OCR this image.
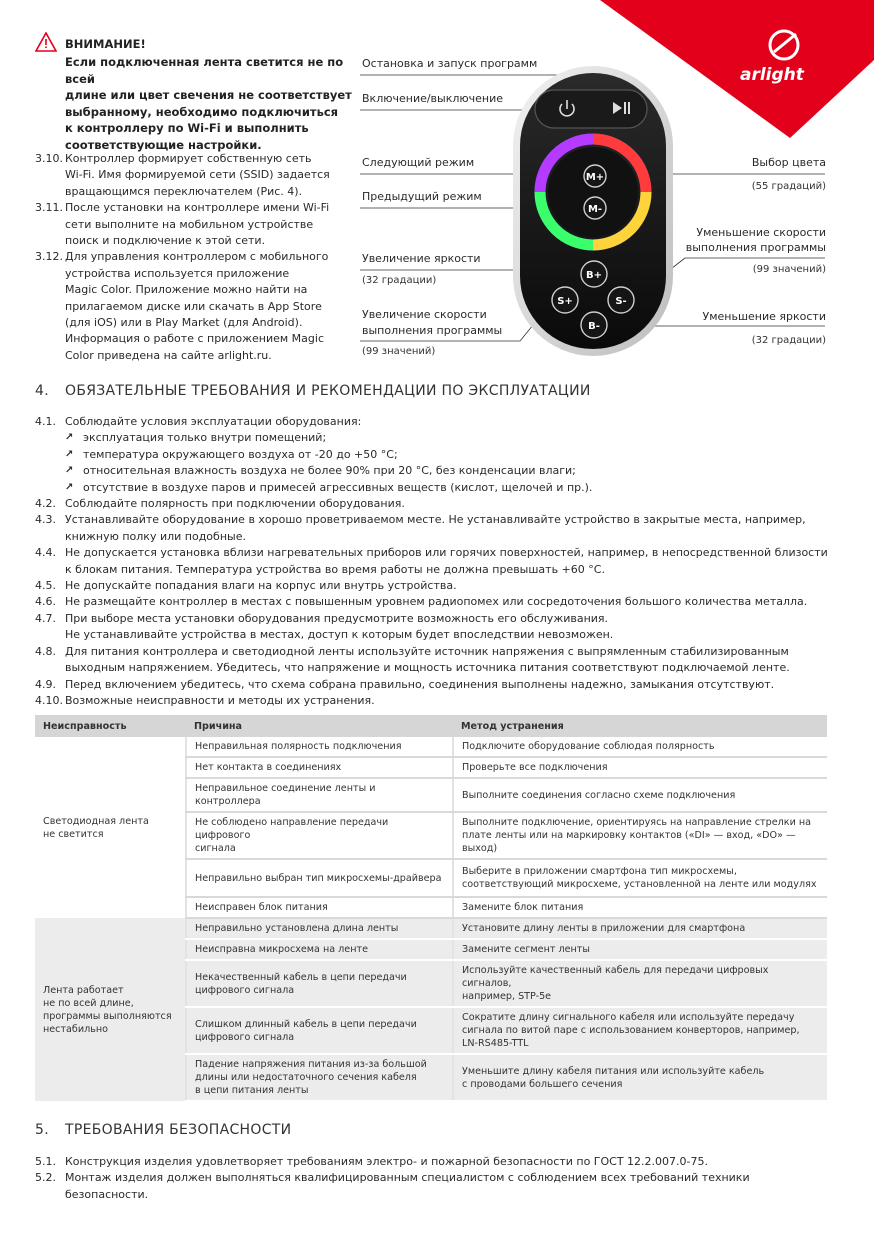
arlight
ВНИМАНИЕ!
Если подключенная лента светится не по всей
длине или цвет свечения не соответствует
выбранному, необходимо подключиться
к контроллеру по Wi-Fi и выполнить
соответствующие настройки.
3.10. Контроллер формирует собственную сеть
Wi-Fi. Имя формируемой сети (SSID) задается
вращающимся переключателем (Рис. 4).
3.11. После установки на контроллере имени Wi-Fi
сети выполните на мобильном устройстве
поиск и подключение к этой сети.
3.12. Для управления контроллером с мобильного
устройства используется приложение
Magic Color. Приложение можно найти на
прилагаемом диске или скачать в App Store
(для iOS) или в Play Market (для Android).
Информация о работе с приложением Magic
Color приведена на сайте arlight.ru.
M+
M-
B+
S+	S-
B-
Остановка и запуск программ
Включение/выключение
Следующий режим
Предыдущий режим
Увеличение яркости
(32 градации)
Увеличение скорости
выполнения программы
(99 значений)
Выбор цвета
(55 градаций)
Уменьшение скорости
выполнения программы
(99 значений)
Уменьшение яркости
(32 градации)
4. ОБЯЗАТЕЛЬНЫЕ ТРЕБОВАНИЯ И РЕКОМЕНДАЦИИ ПО ЭКСПЛУАТАЦИИ
4.1. Соблюдайте условия эксплуатации оборудования:
↗ эксплуатация только внутри помещений;
↗ температура окружающего воздуха от -20 до +50 °C;
↗ относительная влажность воздуха не более 90% при 20 °C, без конденсации влаги;
↗ отсутствие в воздухе паров и примесей агрессивных веществ (кислот, щелочей и пр.).
4.2. Соблюдайте полярность при подключении оборудования.
4.3. Устанавливайте оборудование в хорошо проветриваемом месте. Не устанавливайте устройство в закрытые места, например,
книжную полку или подобные.
4.4. Не допускается установка вблизи нагревательных приборов или горячих поверхностей, например, в непосредственной близости
к блокам питания. Температура устройства во время работы не должна превышать +60 °C.
4.5. Не допускайте попадания влаги на корпус или внутрь устройства.
4.6. Не размещайте контроллер в местах с повышенным уровнем радиопомех или сосредоточения большого количества металла.
4.7. При выборе места установки оборудования предусмотрите возможность его обслуживания.
Не устанавливайте устройства в местах, доступ к которым будет впоследствии невозможен.
4.8. Для питания контроллера и светодиодной ленты используйте источник напряжения с выпрямленным стабилизированным
выходным напряжением. Убедитесь, что напряжение и мощность источника питания соответствуют подключаемой ленте.
4.9. Перед включением убедитесь, что схема собрана правильно, соединения выполнены надежно, замыкания отсутствуют.
4.10. Возможные неисправности и методы их устранения.
Неисправность	Причина	Метод устранения
Светодиодная лента
не светится	Неправильная полярность подключения	Подключите оборудование соблюдая полярность
	Нет контакта в соединениях	Проверьте все подключения
	Неправильное соединение ленты и контроллера	Выполните соединения согласно схеме подключения
	Не соблюдено направление передачи цифрового
сигнала	Выполните подключение, ориентируясь на направление стрелки на
плате ленты или на маркировку контактов («DI» — вход, «DO» — выход)
	Неправильно выбран тип микросхемы-драйвера	Выберите в приложении смартфона тип микросхемы,
соответствующий микросхеме, установленной на ленте или модулях
	Неисправен блок питания	Замените блок питания
Лента работает
не по всей длине,
программы выполняются
нестабильно	Неправильно установлена длина ленты	Установите длину ленты в приложении для смартфона
	Неисправна микросхема на ленте	Замените сегмент ленты
	Некачественный кабель в цепи передачи
цифрового сигнала	Используйте качественный кабель для передачи цифровых сигналов,
например, STP-5e
	Слишком длинный кабель в цепи передачи
цифрового сигнала	Сократите длину сигнального кабеля или используйте передачу
сигнала по витой паре с использованием конверторов, например,
LN-RS485-TTL
	Падение напряжения питания из-за большой
длины или недостаточного сечения кабеля
в цепи питания ленты	Уменьшите длину кабеля питания или используйте кабель
с проводами большего сечения
5. ТРЕБОВАНИЯ БЕЗОПАСНОСТИ
5.1. Конструкция изделия удовлетворяет требованиям электро- и пожарной безопасности по ГОСТ 12.2.007.0-75.
5.2. Монтаж изделия должен выполняться квалифицированным специалистом с соблюдением всех требований техники
безопасности.
